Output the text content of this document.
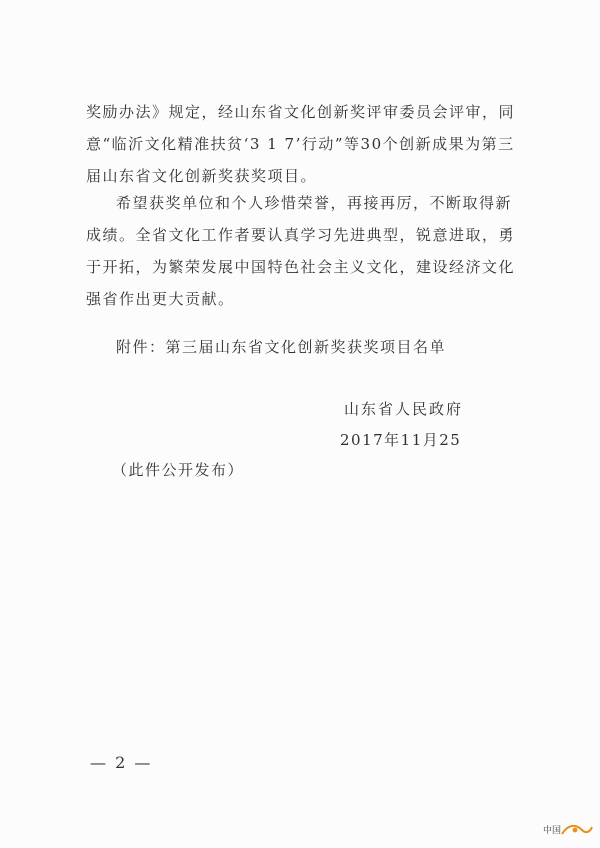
奖励办法》规定，经山东省文化创新奖评审委员会评审，同意“临沂文化精准扶贫‘3 1 7’行动”等30个创新成果为第三届山东省文化创新奖获奖项目。
希望获奖单位和个人珍惜荣誉，再接再厉，不断取得新成绩。全省文化工作者要认真学习先进典型，锐意进取，勇于开拓，为繁荣发展中国特色社会主义文化，建设经济文化强省作出更大贡献。
附件：第三届山东省文化创新奖获奖项目名单
山东省人民政府
2017年11月25
（此件公开发布）
— 2 —
中国
